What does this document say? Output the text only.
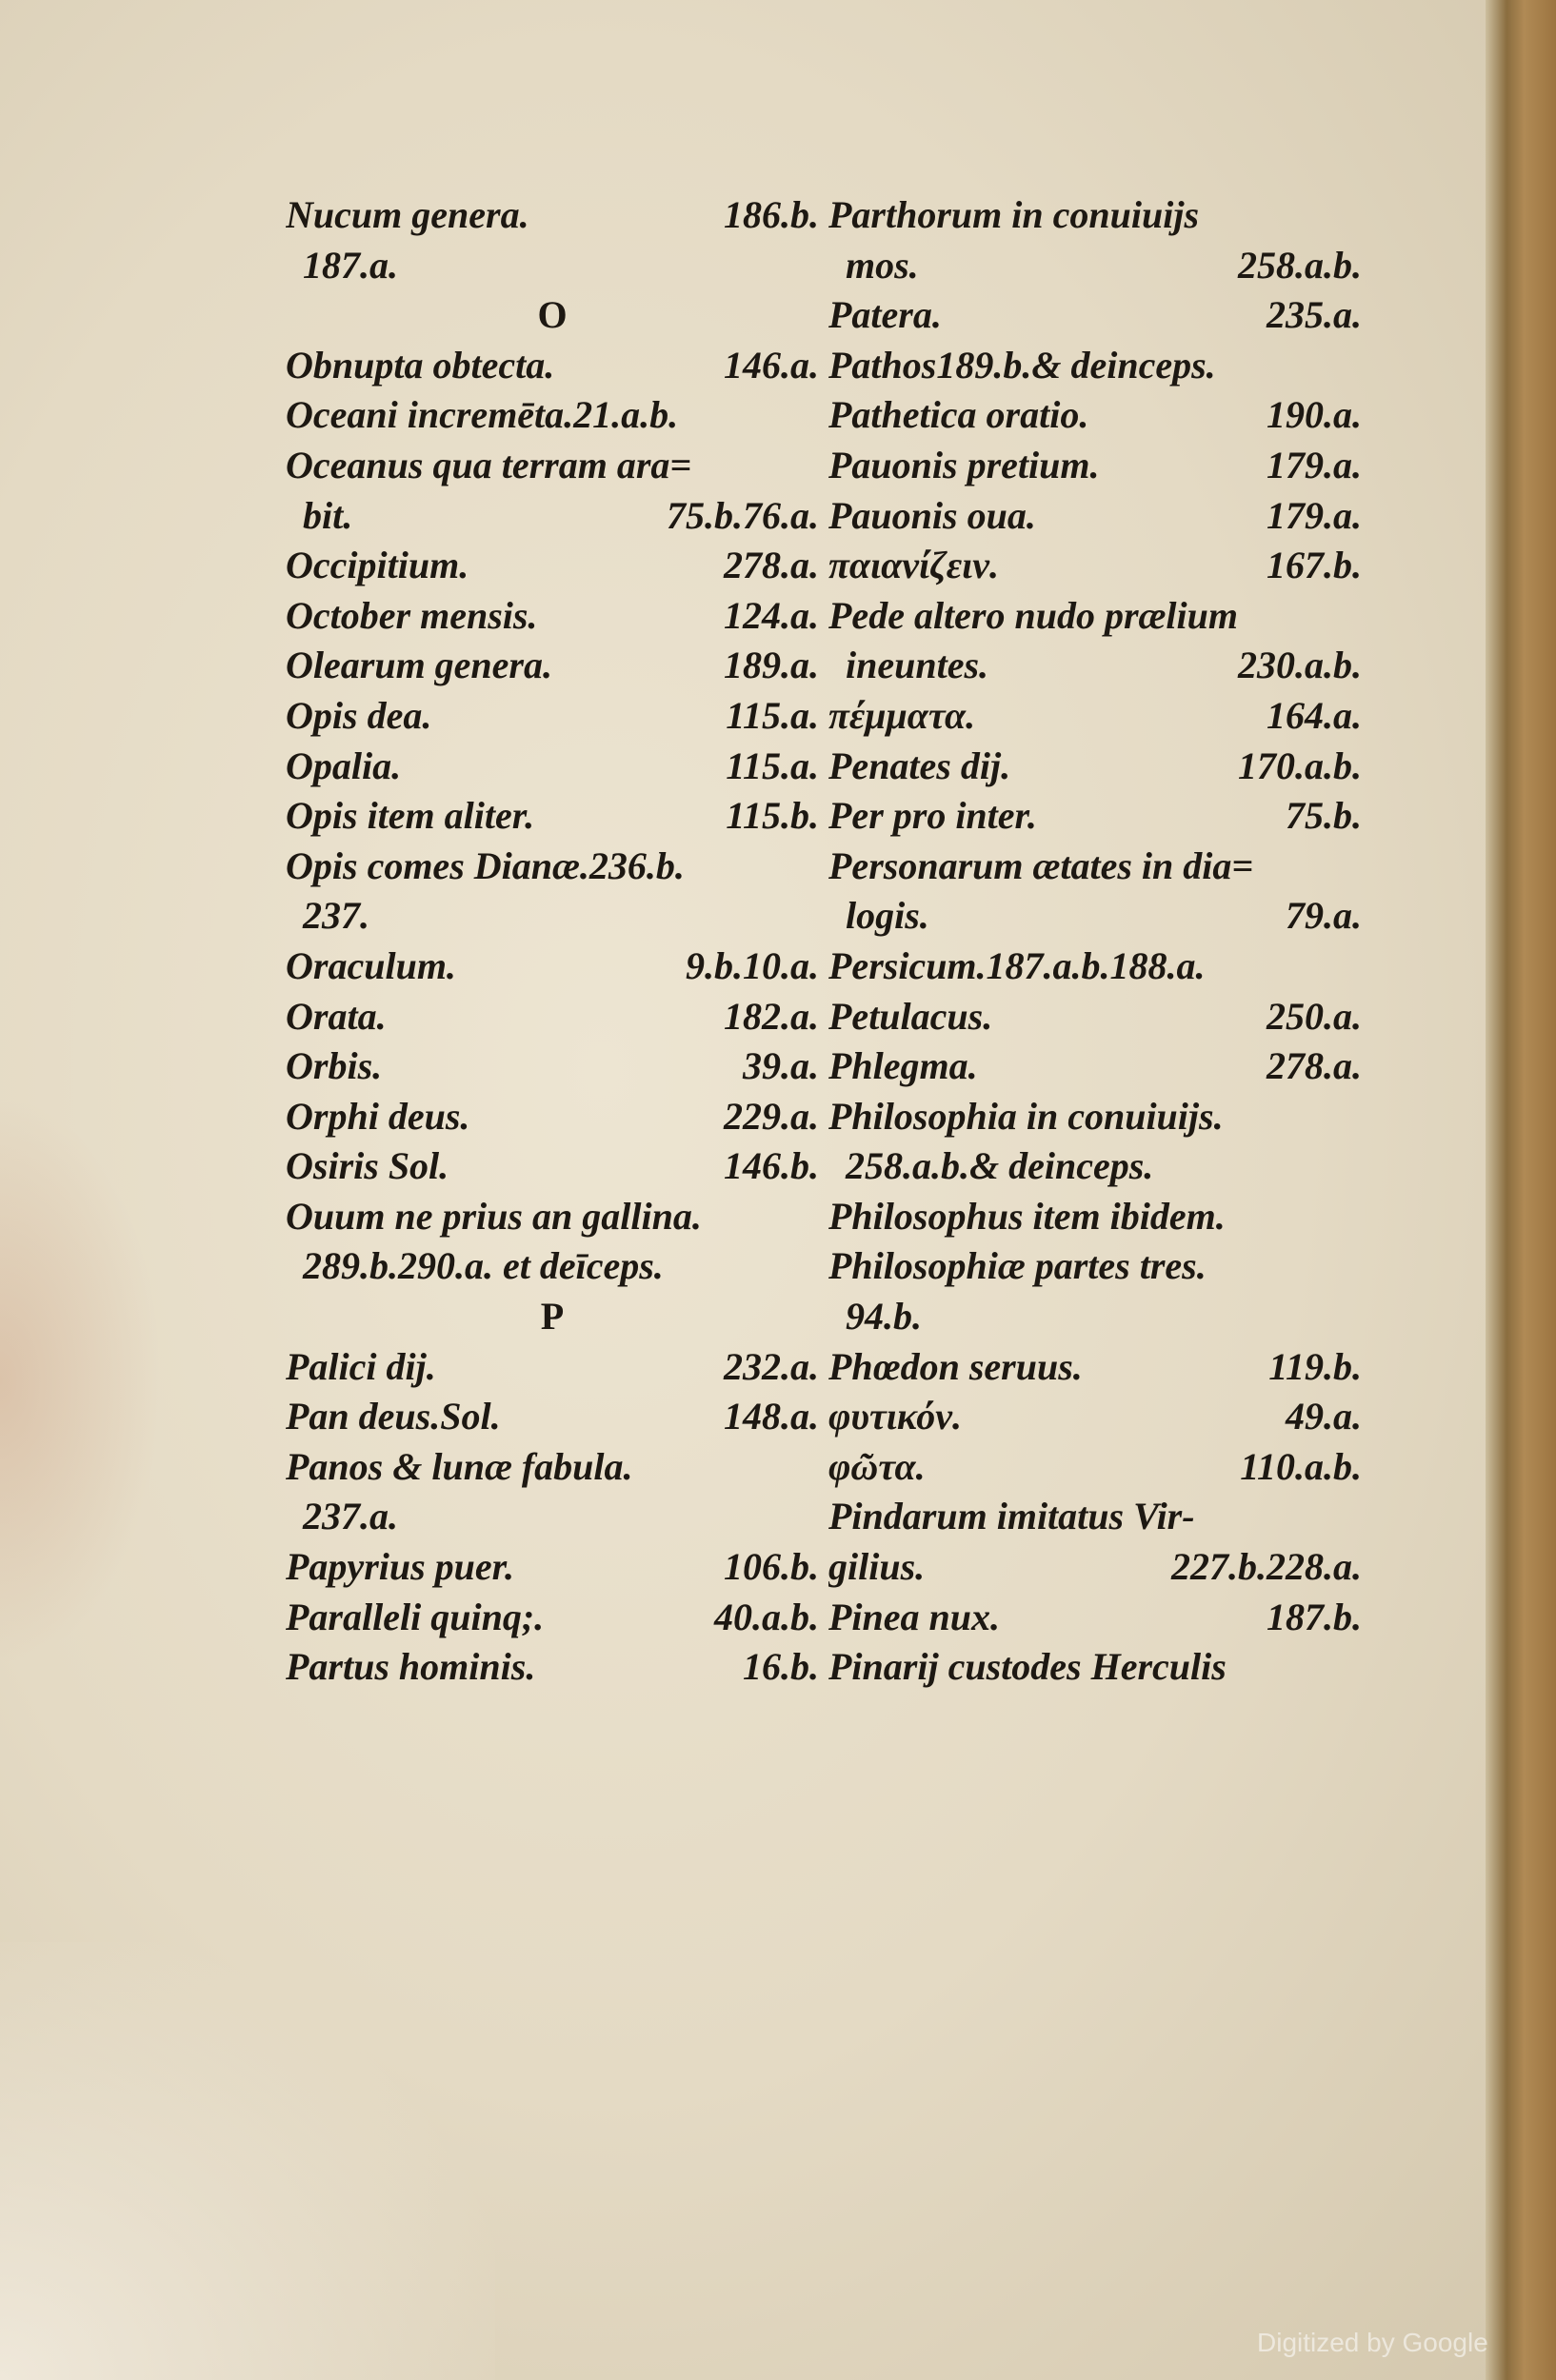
Nucum genera.	186.b.
187.a.
O
Obnupta obtecta.	146.a.
Oceani incremēta.21.a.b.
Oceanus qua terram ara=
bit.	75.b.76.a.
Occipitium.	278.a.
October mensis.	124.a.
Olearum genera.	189.a.
Opis dea.	115.a.
Opalia.	115.a.
Opis item aliter.	115.b.
Opis comes Dianæ.236.b.
237.
Oraculum.	9.b.10.a.
Orata.	182.a.
Orbis.	39.a.
Orphi deus.	229.a.
Osiris Sol.	146.b.
Ouum ne prius an gallina.
289.b.290.a. et deīceps.
P
Palici dij.	232.a.
Pan deus.Sol.	148.a.
Panos & lunæ fabula.
237.a.
Papyrius puer.	106.b.
Paralleli quinq;.	40.a.b.
Partus hominis.	16.b.
Parthorum in conuiuijs
mos.	258.a.b.
Patera.	235.a.
Pathos189.b.& deinceps.
Pathetica oratio.	190.a.
Pauonis pretium.	179.a.
Pauonis oua.	179.a.
παιανίζειν.	167.b.
Pede altero nudo prælium
ineuntes.	230.a.b.
πέμματα.	164.a.
Penates dij.	170.a.b.
Per pro inter.	75.b.
Personarum ætates in dia=
logis.	79.a.
Persicum.187.a.b.188.a.
Petulacus.	250.a.
Phlegma.	278.a.
Philosophia in conuiuijs.
258.a.b.& deinceps.
Philosophus item ibidem.
Philosophiæ partes tres.
94.b.
Phœdon seruus.	119.b.
φυτικόν.	49.a.
φῶτα.	110.a.b.
Pindarum imitatus Vir-
gilius.	227.b.228.a.
Pinea nux.	187.b.
Pinarij custodes Herculis
Digitized by Google
